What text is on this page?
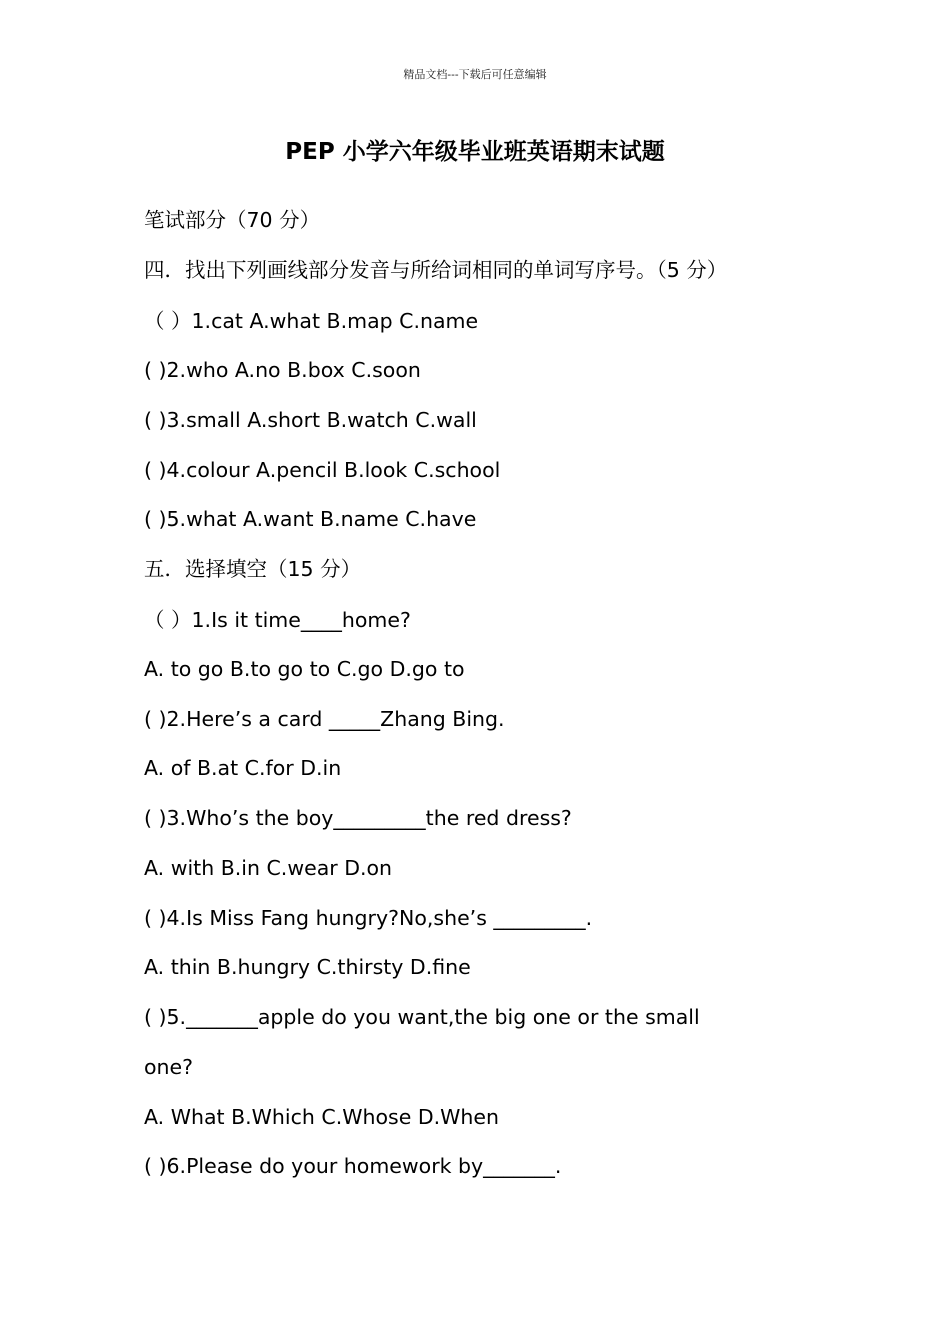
精品文档---下载后可任意编辑
PEP 小学六年级毕业班英语期末试题
笔试部分（70 分）
四．找出下列画线部分发音与所给词相同的单词写序号。（5 分）
（ ）1.cat A.what B.map C.name
( )2.who A.no B.box C.soon
( )3.small A.short B.watch C.wall
( )4.colour A.pencil B.look C.school
( )5.what A.want B.name C.have
五．选择填空（15 分）
（ ）1.Is it time____home?
A. to go B.to go to C.go D.go to
( )2.Here’s a card _____Zhang Bing.
A. of B.at C.for D.in
( )3.Who’s the boy_________the red dress?
A. with B.in C.wear D.on
( )4.Is Miss Fang hungry?No,she’s _________.
A. thin B.hungry C.thirsty D.fine
( )5._______apple do you want,the big one or the small
one?
A. What B.Which C.Whose D.When
( )6.Please do your homework by_______.
